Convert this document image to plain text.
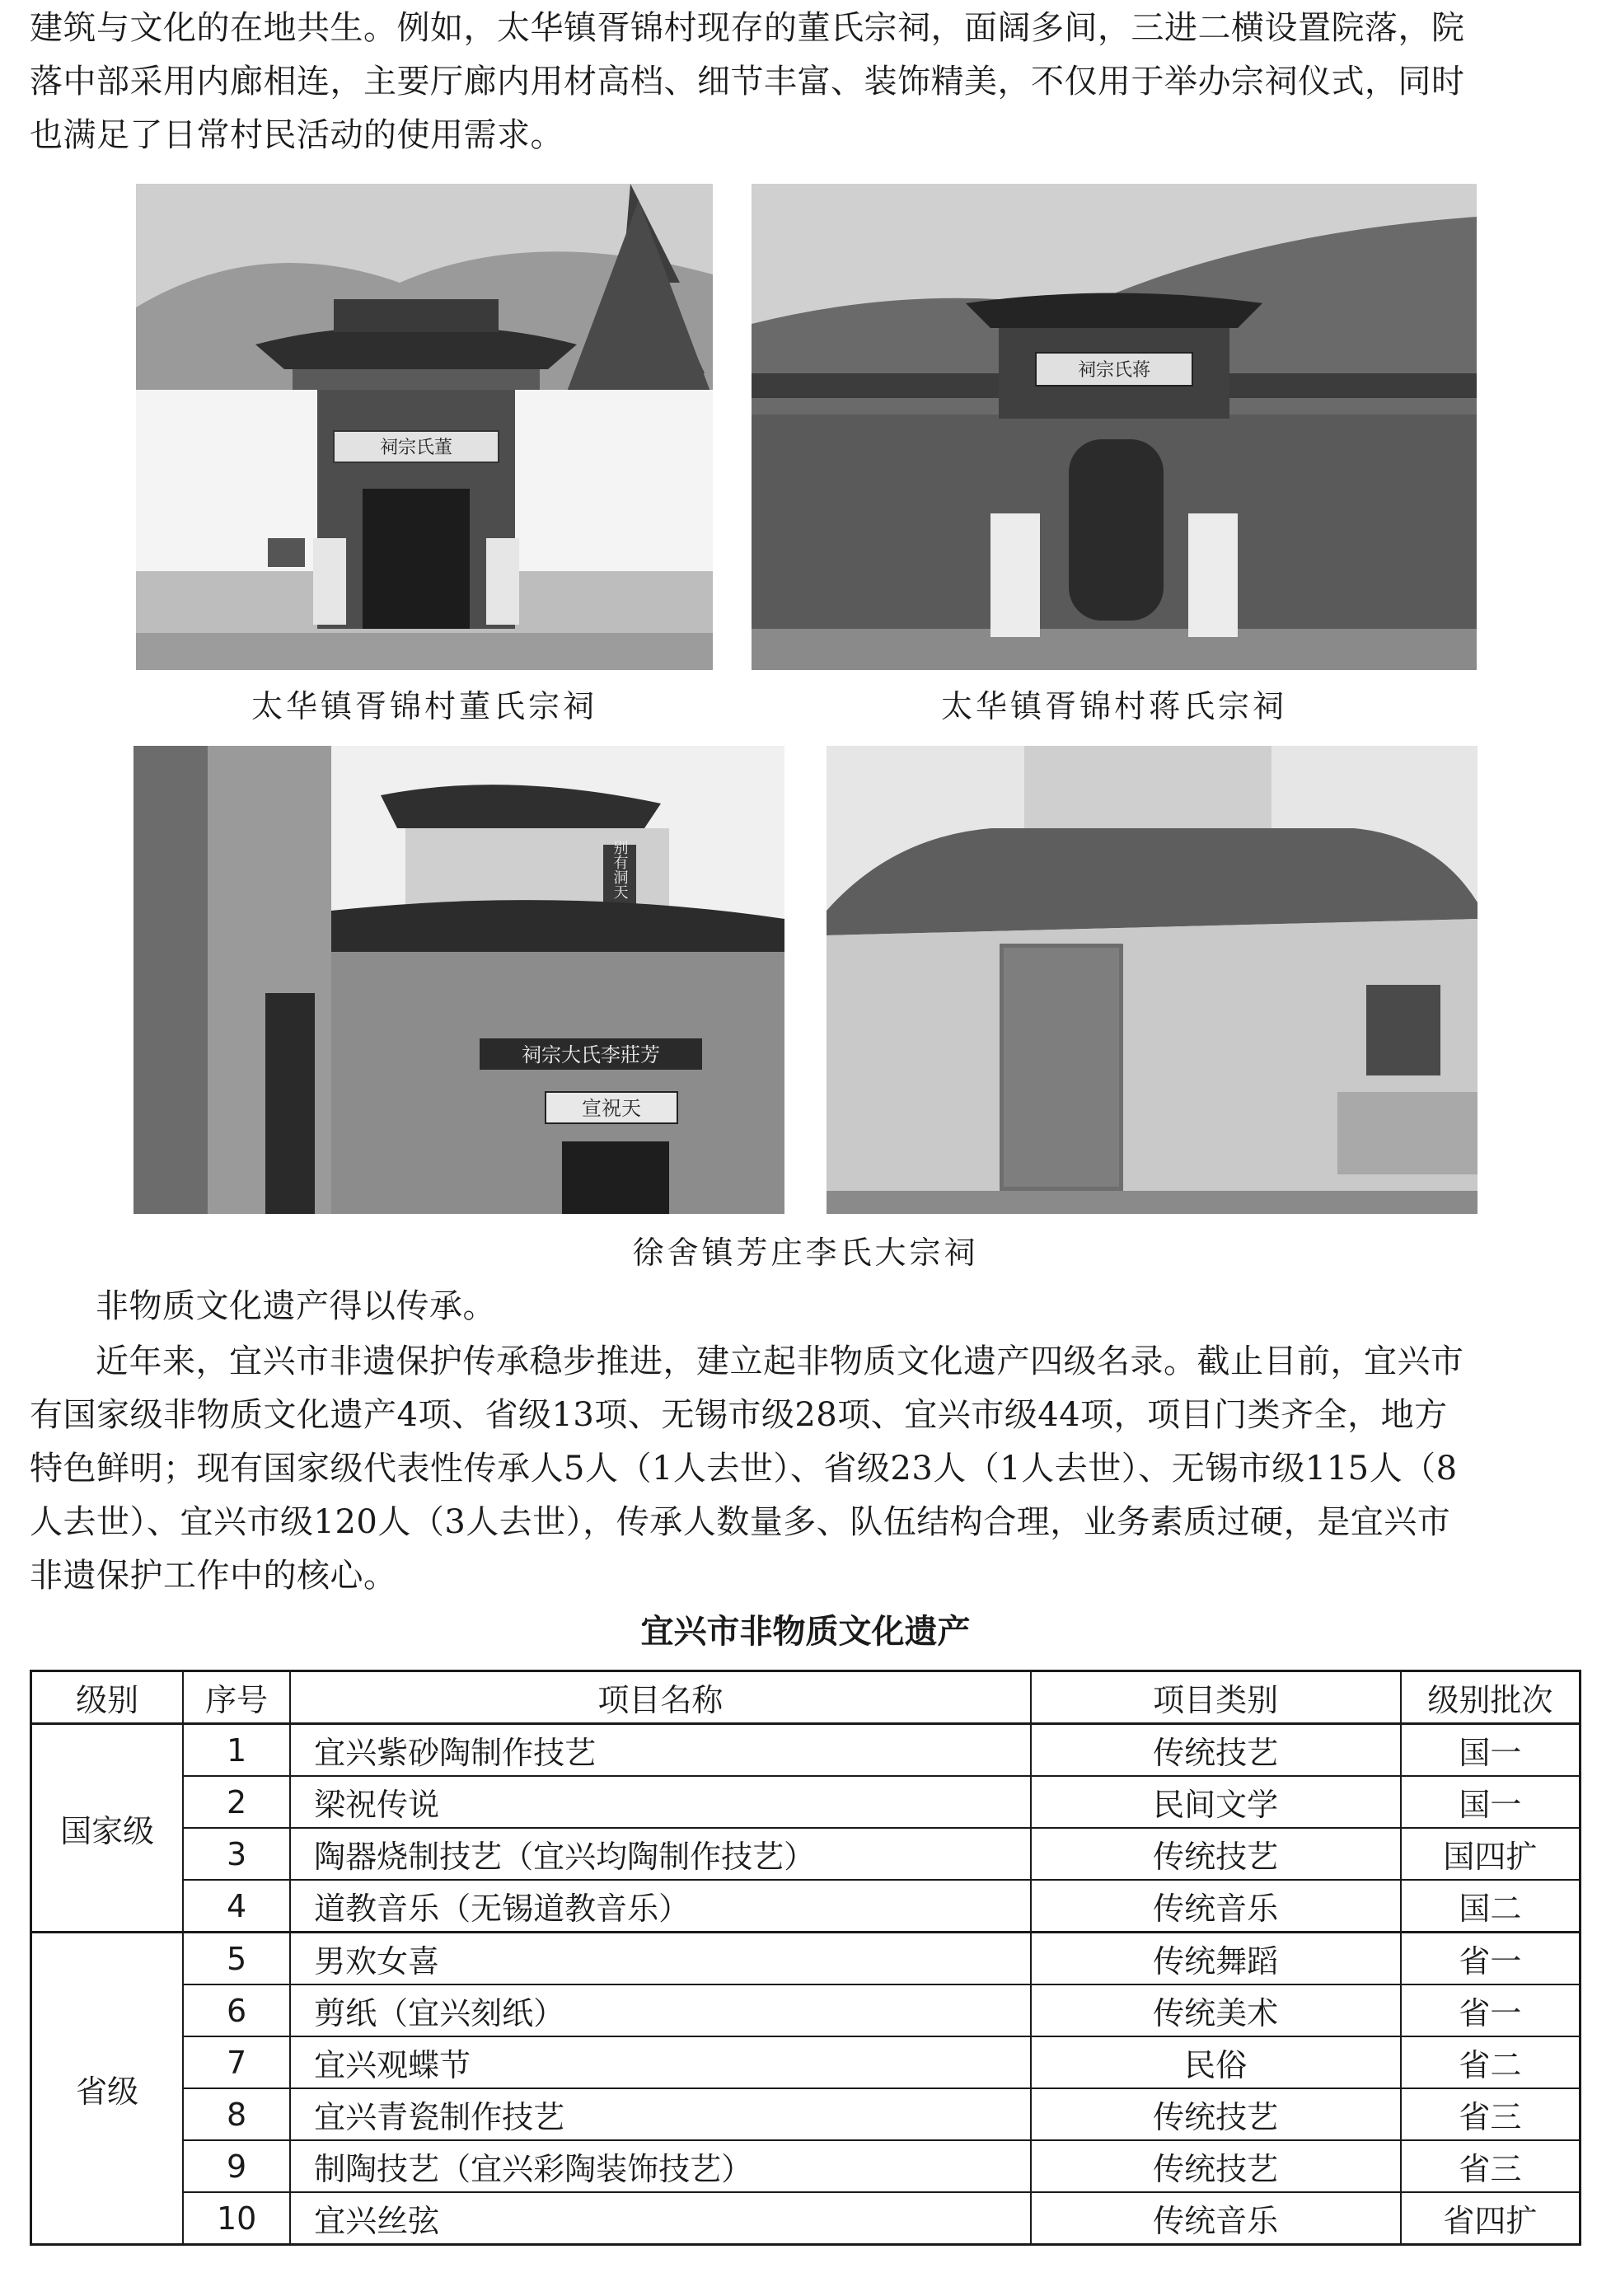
建筑与文化的在地共生。例如，太华镇胥锦村现存的董氏宗祠，面阔多间，三进二横设置院落，院

落中部采用内廊相连，主要厅廊内用材高档、细节丰富、装饰精美，不仅用于举办宗祠仪式，同时

也满足了日常村民活动的使用需求。

祠宗氏董
太华镇胥锦村董氏宗祠
祠宗氏蒋
太华镇胥锦村蒋氏宗祠
别有洞天
祠宗大氏李莊芳
宣祝天
徐舍镇芳庄李氏大宗祠
非物质文化遗产得以传承。

近年来，宜兴市非遗保护传承稳步推进，建立起非物质文化遗产四级名录。截止目前，宜兴市

有国家级非物质文化遗产4项、省级13项、无锡市级28项、宜兴市级44项，项目门类齐全，地方

特色鲜明；现有国家级代表性传承人5人（1人去世）、省级23人（1人去世）、无锡市级115人（8

人去世）、宜兴市级120人（3人去世），传承人数量多、队伍结构合理，业务素质过硬，是宜兴市

非遗保护工作中的核心。

宜兴市非物质文化遗产
级别	序号	项目名称	项目类别	级别批次
国家级	1	宜兴紫砂陶制作技艺	传统技艺	国一
	2	梁祝传说	民间文学	国一
	3	陶器烧制技艺（宜兴均陶制作技艺）	传统技艺	国四扩
	4	道教音乐（无锡道教音乐）	传统音乐	国二
省级	5	男欢女喜	传统舞蹈	省一
	6	剪纸（宜兴刻纸）	传统美术	省一
	7	宜兴观蝶节	民俗	省二
	8	宜兴青瓷制作技艺	传统技艺	省三
	9	制陶技艺（宜兴彩陶装饰技艺）	传统技艺	省三
	10	宜兴丝弦	传统音乐	省四扩
